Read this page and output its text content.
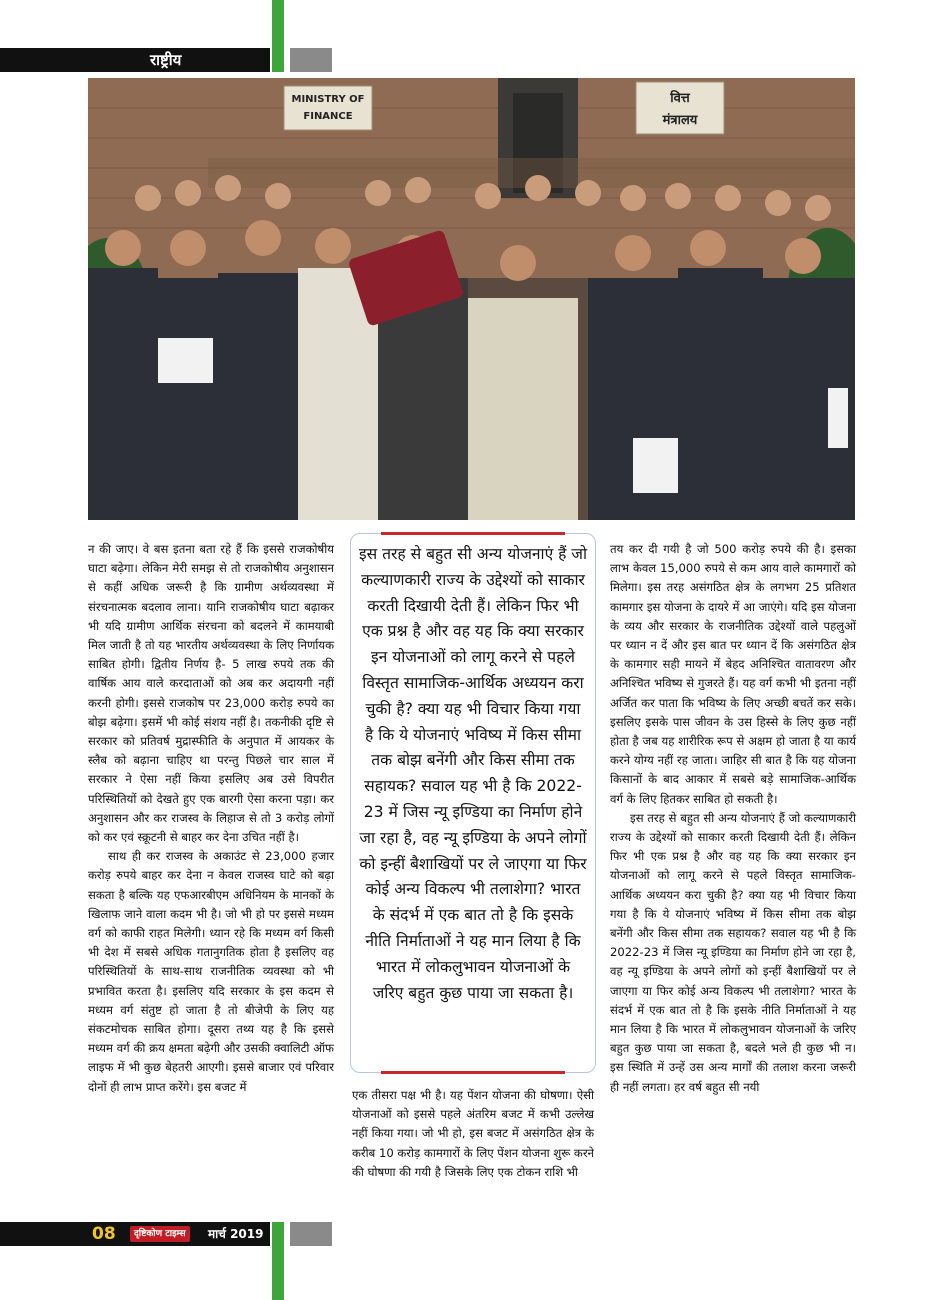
राष्ट्रीय
MINISTRY OF
FINANCE
वित्त
मंत्रालय

न की जाए। वे बस इतना बता रहे हैं कि इससे राजकोषीय घाटा बढ़ेगा। लेकिन मेरी समझ से तो राजकोषीय अनुशासन से कहीं अधिक जरूरी है कि ग्रामीण अर्थव्यवस्था में संरचनात्मक बदलाव लाना। यानि राजकोषीय घाटा बढ़ाकर भी यदि ग्रामीण आर्थिक संरचना को बदलने में कामयाबी मिल जाती है तो यह भारतीय अर्थव्यवस्था के लिए निर्णायक साबित होगी। द्वितीय निर्णय है- 5 लाख रुपये तक की वार्षिक आय वाले करदाताओं को अब कर अदायगी नहीं करनी होगी। इससे राजकोष पर 23,000 करोड़ रुपये का बोझ बढ़ेगा। इसमें भी कोई संशय नहीं है। तकनीकी दृष्टि से सरकार को प्रतिवर्ष मुद्रास्फीति के अनुपात में आयकर के स्लैब को बढ़ाना चाहिए था परन्तु पिछले चार साल में सरकार ने ऐसा नहीं किया इसलिए अब उसे विपरीत परिस्थितियों को देखते हुए एक बारगी ऐसा करना पड़ा। कर अनुशासन और कर राजस्व के लिहाज से तो 3 करोड़ लोगों को कर एवं स्क्रूटनी से बाहर कर देना उचित नहीं है।

साथ ही कर राजस्व के अकाउंट से 23,000 हजार करोड़ रुपये बाहर कर देना न केवल राजस्व घाटे को बढ़ा सकता है बल्कि यह एफआरबीएम अधिनियम के मानकों के खिलाफ जाने वाला कदम भी है। जो भी हो पर इससे मध्यम वर्ग को काफी राहत मिलेगी। ध्यान रहे कि मध्यम वर्ग किसी भी देश में सबसे अधिक गतानुगतिक होता है इसलिए वह परिस्थितियों के साथ-साथ राजनीतिक व्यवस्था को भी प्रभावित करता है। इसलिए यदि सरकार के इस कदम से मध्यम वर्ग संतुष्ट हो जाता है तो बीजेपी के लिए यह संकटमोचक साबित होगा। दूसरा तथ्य यह है कि इससे मध्यम वर्ग की क्रय क्षमता बढ़ेगी और उसकी क्वालिटी ऑफ लाइफ में भी कुछ बेहतरी आएगी। इससे बाजार एवं परिवार दोनों ही लाभ प्राप्त करेंगे। इस बजट में

इस तरह से बहुत सी अन्य योजनाएं हैं जो कल्याणकारी राज्य के उद्देश्यों को साकार करती दिखायी देती हैं। लेकिन फिर भी एक प्रश्न है और वह यह कि क्या सरकार इन योजनाओं को लागू करने से पहले विस्तृत सामाजिक-आर्थिक अध्ययन करा चुकी है? क्या यह भी विचार किया गया है कि ये योजनाएं भविष्य में किस सीमा तक बोझ बनेंगी और किस सीमा तक सहायक? सवाल यह भी है कि 2022-23 में जिस न्यू इण्डिया का निर्माण होने जा रहा है, वह न्यू इण्डिया के अपने लोगों को इन्हीं बैशाखियों पर ले जाएगा या फिर कोई अन्य विकल्प भी तलाशेगा? भारत के संदर्भ में एक बात तो है कि इसके नीति निर्माताओं ने यह मान लिया है कि भारत में लोकलुभावन योजनाओं के जरिए बहुत कुछ पाया जा सकता है।

एक तीसरा पक्ष भी है। यह पेंशन योजना की घोषणा। ऐसी योजनाओं को इससे पहले अंतरिम बजट में कभी उल्लेख नहीं किया गया। जो भी हो, इस बजट में असंगठित क्षेत्र के करीब 10 करोड़ कामगारों के लिए पेंशन योजना शुरू करने की घोषणा की गयी है जिसके लिए एक टोकन राशि भी

तय कर दी गयी है जो 500 करोड़ रुपये की है। इसका लाभ केवल 15,000 रुपये से कम आय वाले कामगारों को मिलेगा। इस तरह असंगठित क्षेत्र के लगभग 25 प्रतिशत कामगार इस योजना के दायरे में आ जाएंगे। यदि इस योजना के व्यय और सरकार के राजनीतिक उद्देश्यों वाले पहलुओं पर ध्यान न दें और इस बात पर ध्यान दें कि असंगठित क्षेत्र के कामगार सही मायने में बेहद अनिश्चित वातावरण और अनिश्चित भविष्य से गुजरते हैं। यह वर्ग कभी भी इतना नहीं अर्जित कर पाता कि भविष्य के लिए अच्छी बचतें कर सके। इसलिए इसके पास जीवन के उस हिस्से के लिए कुछ नहीं होता है जब यह शारीरिक रूप से अक्षम हो जाता है या कार्य करने योग्य नहीं रह जाता। जाहिर सी बात है कि यह योजना किसानों के बाद आकार में सबसे बड़े सामाजिक-आर्थिक वर्ग के लिए हितकर साबित हो सकती है।

इस तरह से बहुत सी अन्य योजनाएं हैं जो कल्याणकारी राज्य के उद्देश्यों को साकार करती दिखायी देती हैं। लेकिन फिर भी एक प्रश्न है और वह यह कि क्या सरकार इन योजनाओं को लागू करने से पहले विस्तृत सामाजिक-आर्थिक अध्ययन करा चुकी है? क्या यह भी विचार किया गया है कि ये योजनाएं भविष्य में किस सीमा तक बोझ बनेंगी और किस सीमा तक सहायक? सवाल यह भी है कि 2022-23 में जिस न्यू इण्डिया का निर्माण होने जा रहा है, वह न्यू इण्डिया के अपने लोगों को इन्हीं बैशाखियों पर ले जाएगा या फिर कोई अन्य विकल्प भी तलाशेगा? भारत के संदर्भ में एक बात तो है कि इसके नीति निर्माताओं ने यह मान लिया है कि भारत में लोकलुभावन योजनाओं के जरिए बहुत कुछ पाया जा सकता है, बदले भले ही कुछ भी न। इस स्थिति में उन्हें उस अन्य मार्गों की तलाश करना जरूरी ही नहीं लगता। हर वर्ष बहुत सी नयी

08	दृष्टिकोण टाइम्स	मार्च 2019
